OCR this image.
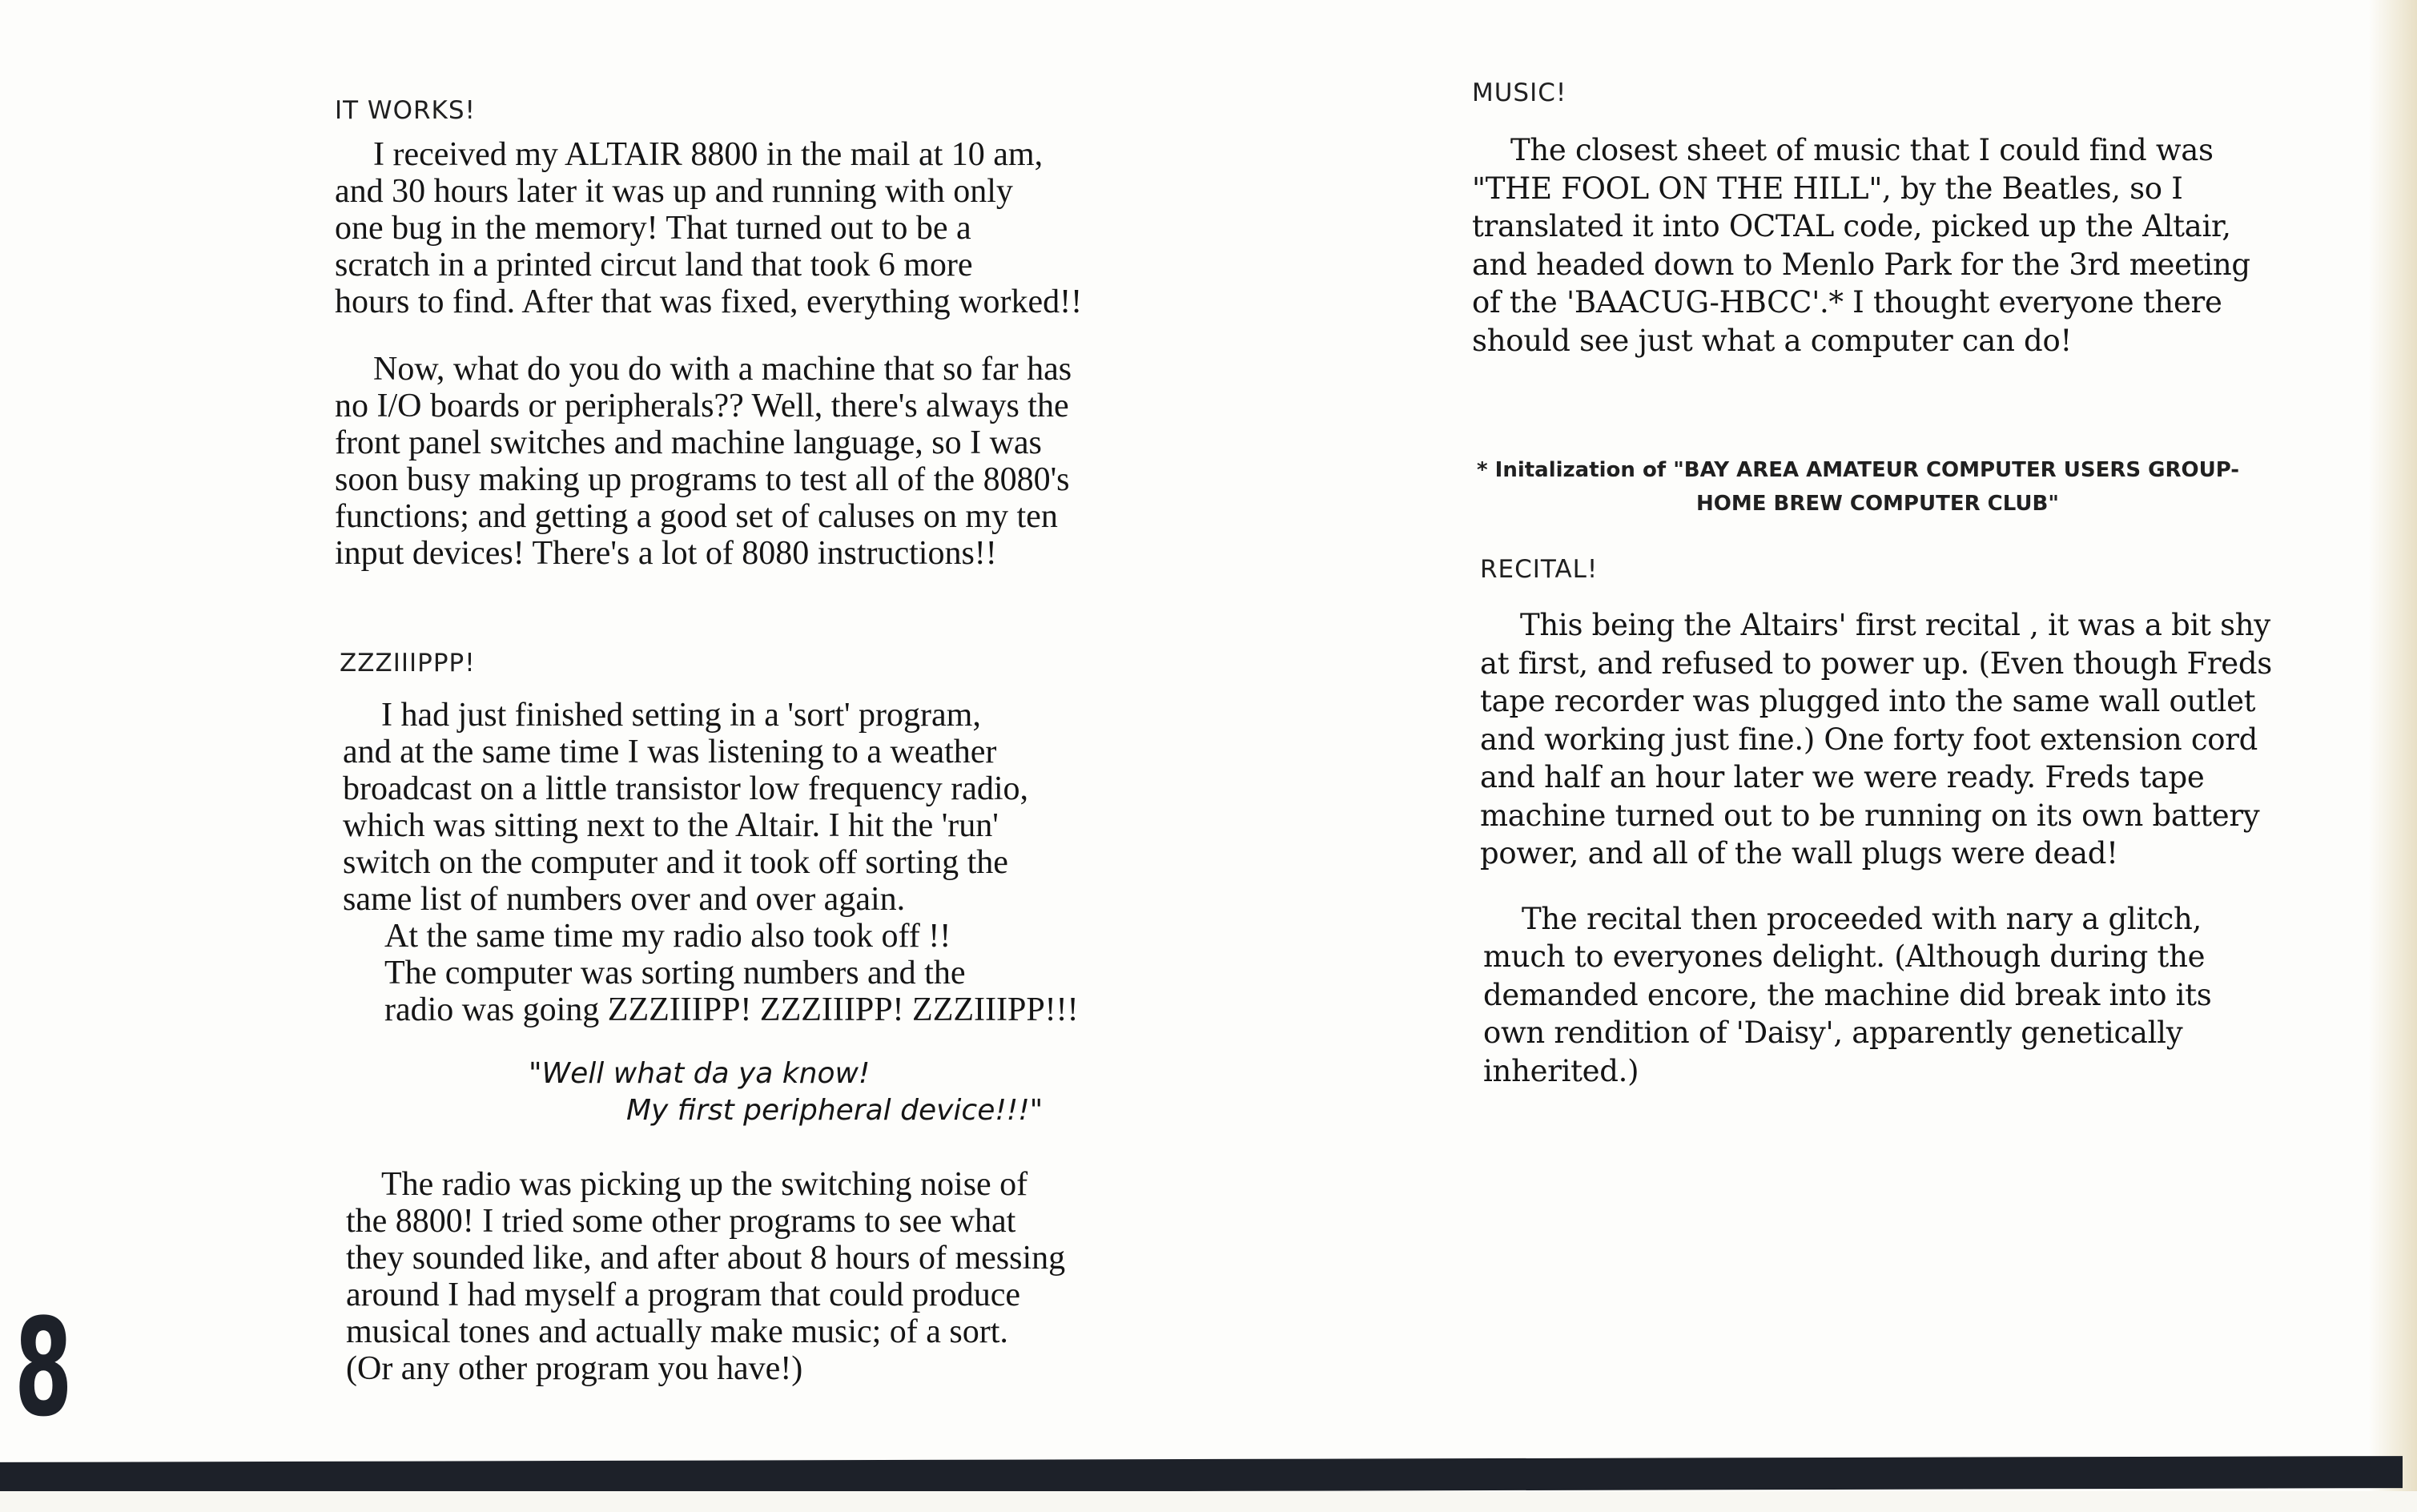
IT WORKS!

I received my ALTAIR 8800 in the mail at 10 am,
and 30 hours later it was up and running with only
one bug in the memory! That turned out to be a
scratch in a printed circut land that took 6 more
hours to find. After that was fixed, everything worked!!
Now, what do you do with a machine that so far has
no I/O boards or peripherals?? Well, there's always the
front panel switches and machine language, so I was
soon busy making up programs to test all of the 8080's
functions; and getting a good set of caluses on my ten
input devices! There's a lot of 8080 instructions!!

ZZZIIIPPP!

I had just finished setting in a 'sort' program,
and at the same time I was listening to a weather
broadcast on a little transistor low frequency radio,
which was sitting next to the Altair. I hit the 'run'
switch on the computer and it took off sorting the
same list of numbers over and over again.
At the same time my radio also took off !!
The computer was sorting numbers and the
radio was going ZZZIIIPP! ZZZIIIPP! ZZZIIIPP!!!
"Well what da ya know!
My first peripheral device!!!"
The radio was picking up the switching noise of
the 8800! I tried some other programs to see what
they sounded like, and after about 8 hours of messing
around I had myself a program that could produce
musical tones and actually make music; of a sort.
(Or any other program you have!)

MUSIC!

The closest sheet of music that I could find was
"THE FOOL ON THE HILL", by the Beatles, so I
translated it into OCTAL code, picked up the Altair,
and headed down to Menlo Park for the 3rd meeting
of the 'BAACUG-HBCC'.* I thought everyone there
should see just what a computer can do!
* Initalization of "BAY AREA AMATEUR COMPUTER USERS GROUP-
HOME BREW COMPUTER CLUB"

RECITAL!

This being the Altairs' first recital , it was a bit shy
at first, and refused to power up. (Even though Freds
tape recorder was plugged into the same wall outlet
and working just fine.) One forty foot extension cord
and half an hour later we were ready. Freds tape
machine turned out to be running on its own battery
power, and all of the wall plugs were dead!
The recital then proceeded with nary a glitch,
much to everyones delight. (Although during the
demanded encore, the machine did break into its
own rendition of 'Daisy', apparently genetically
inherited.)
8
